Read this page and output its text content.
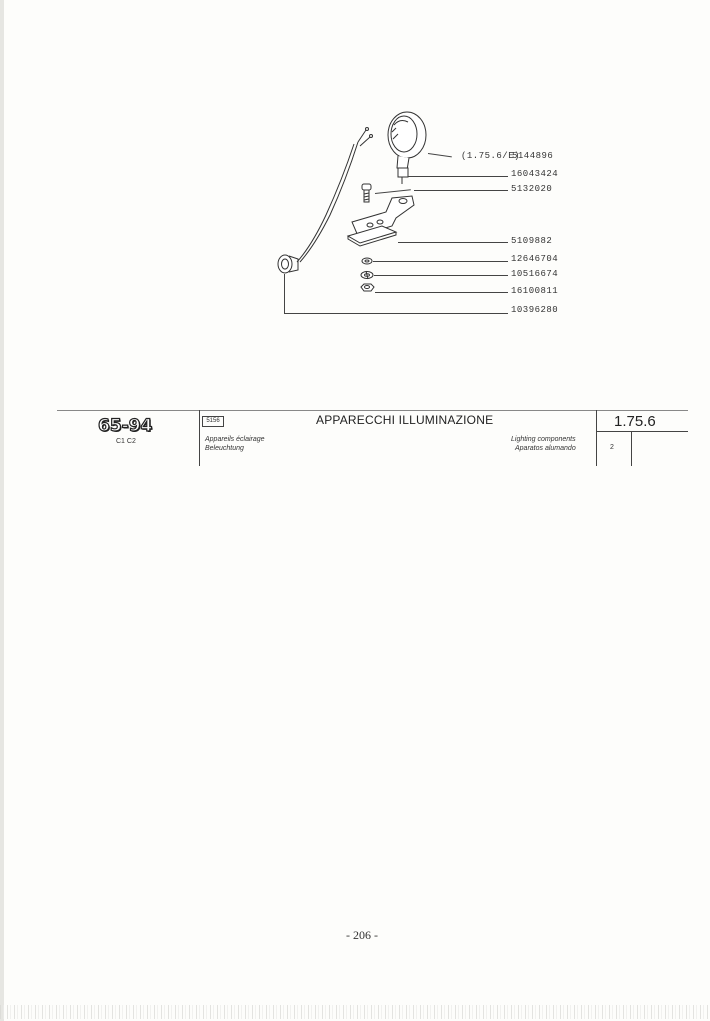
(1.75.6/E)
5144896
16043424
5132020
5109882
12646704
10516674
16100811
10396280
65-94
C1 C2
5156	APPARECCHI ILLUMINAZIONE	1.75.6
2
Appareils éclairage
Beleuchtung
Lighting components
Aparatos alumando
- 206 -
